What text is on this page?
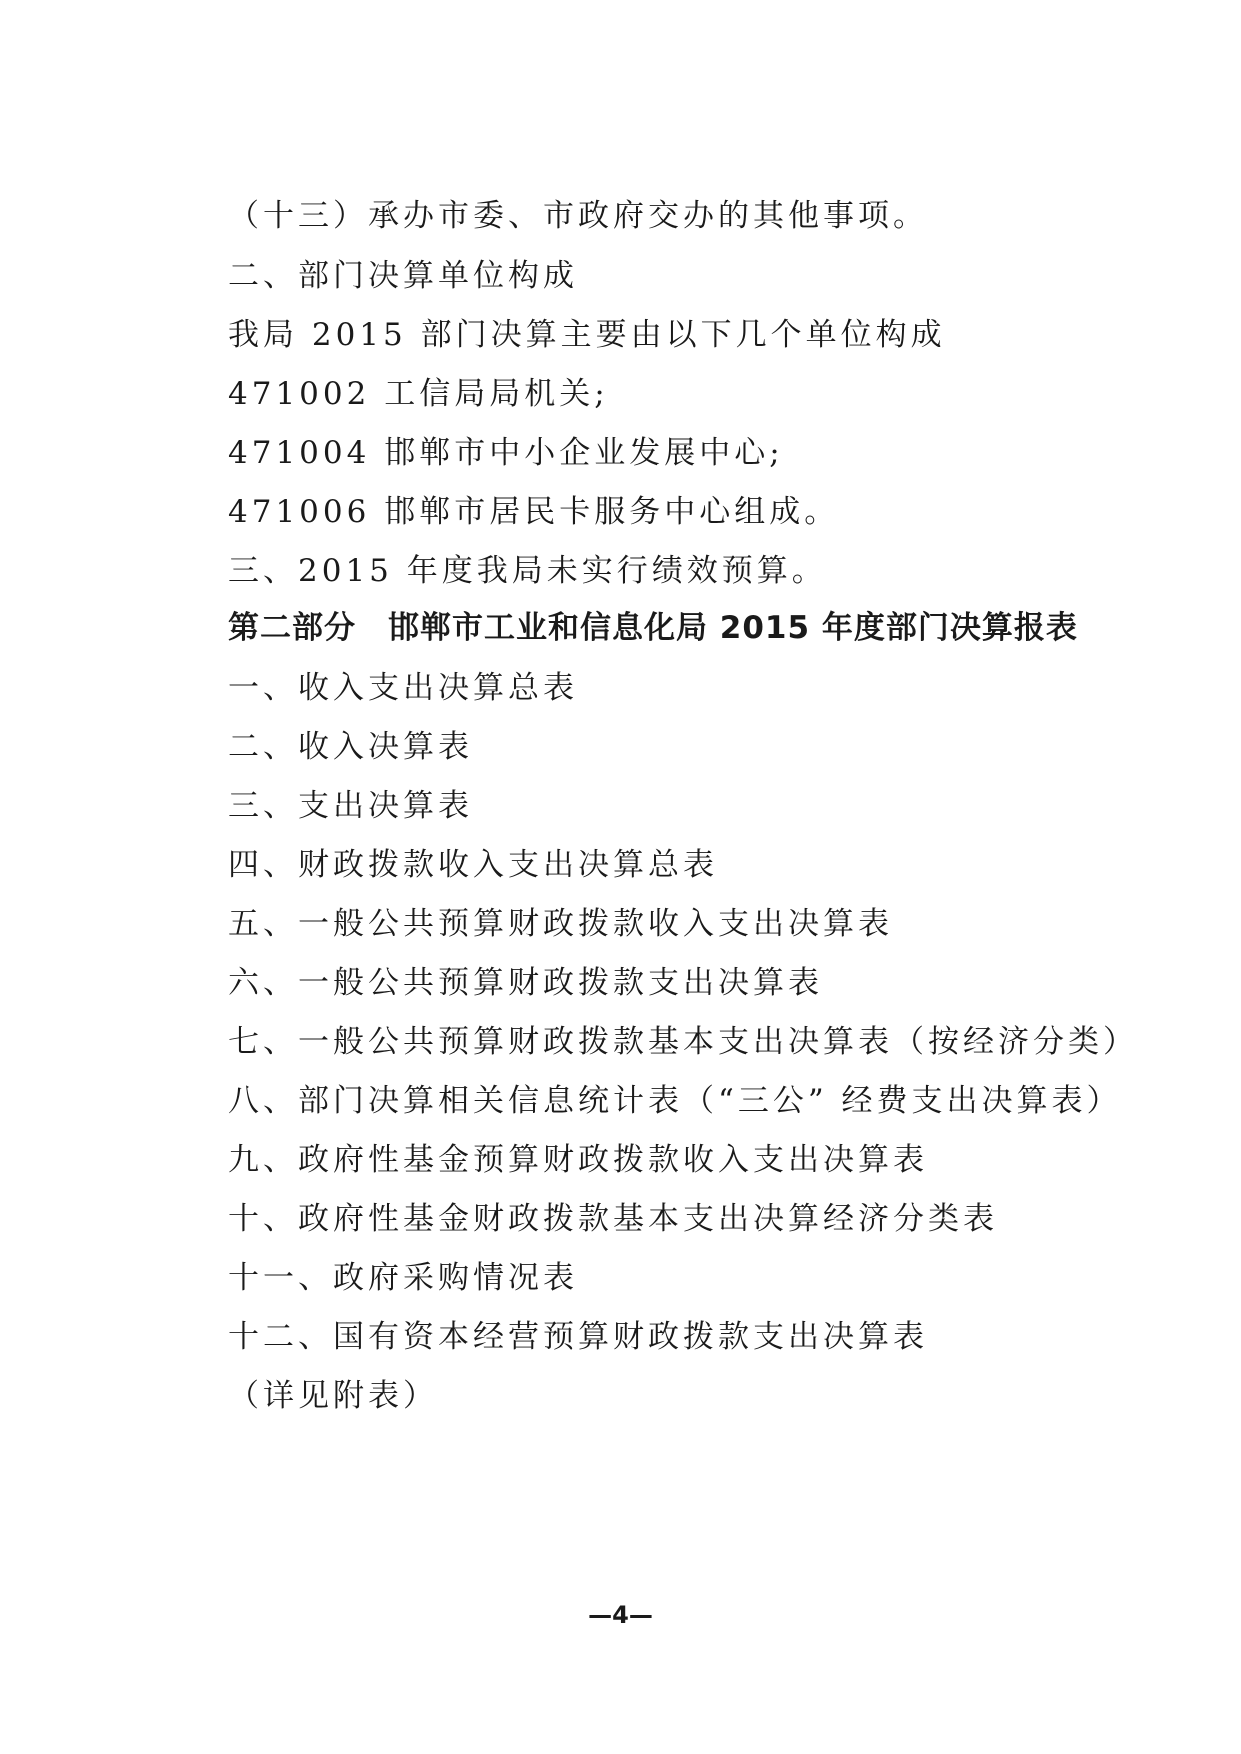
（十三）承办市委、市政府交办的其他事项。
二、部门决算单位构成
我局 2015 部门决算主要由以下几个单位构成
471002 工信局局机关;
471004 邯郸市中小企业发展中心;
471006 邯郸市居民卡服务中心组成。
三、2015 年度我局未实行绩效预算。
第二部分　邯郸市工业和信息化局 2015 年度部门决算报表
一、收入支出决算总表
二、收入决算表
三、支出决算表
四、财政拨款收入支出决算总表
五、一般公共预算财政拨款收入支出决算表
六、一般公共预算财政拨款支出决算表
七、一般公共预算财政拨款基本支出决算表（按经济分类）
八、部门决算相关信息统计表（“三公” 经费支出决算表）
九、政府性基金预算财政拨款收入支出决算表
十、政府性基金财政拨款基本支出决算经济分类表
十一、政府采购情况表
十二、国有资本经营预算财政拨款支出决算表
（详见附表）
—4—
